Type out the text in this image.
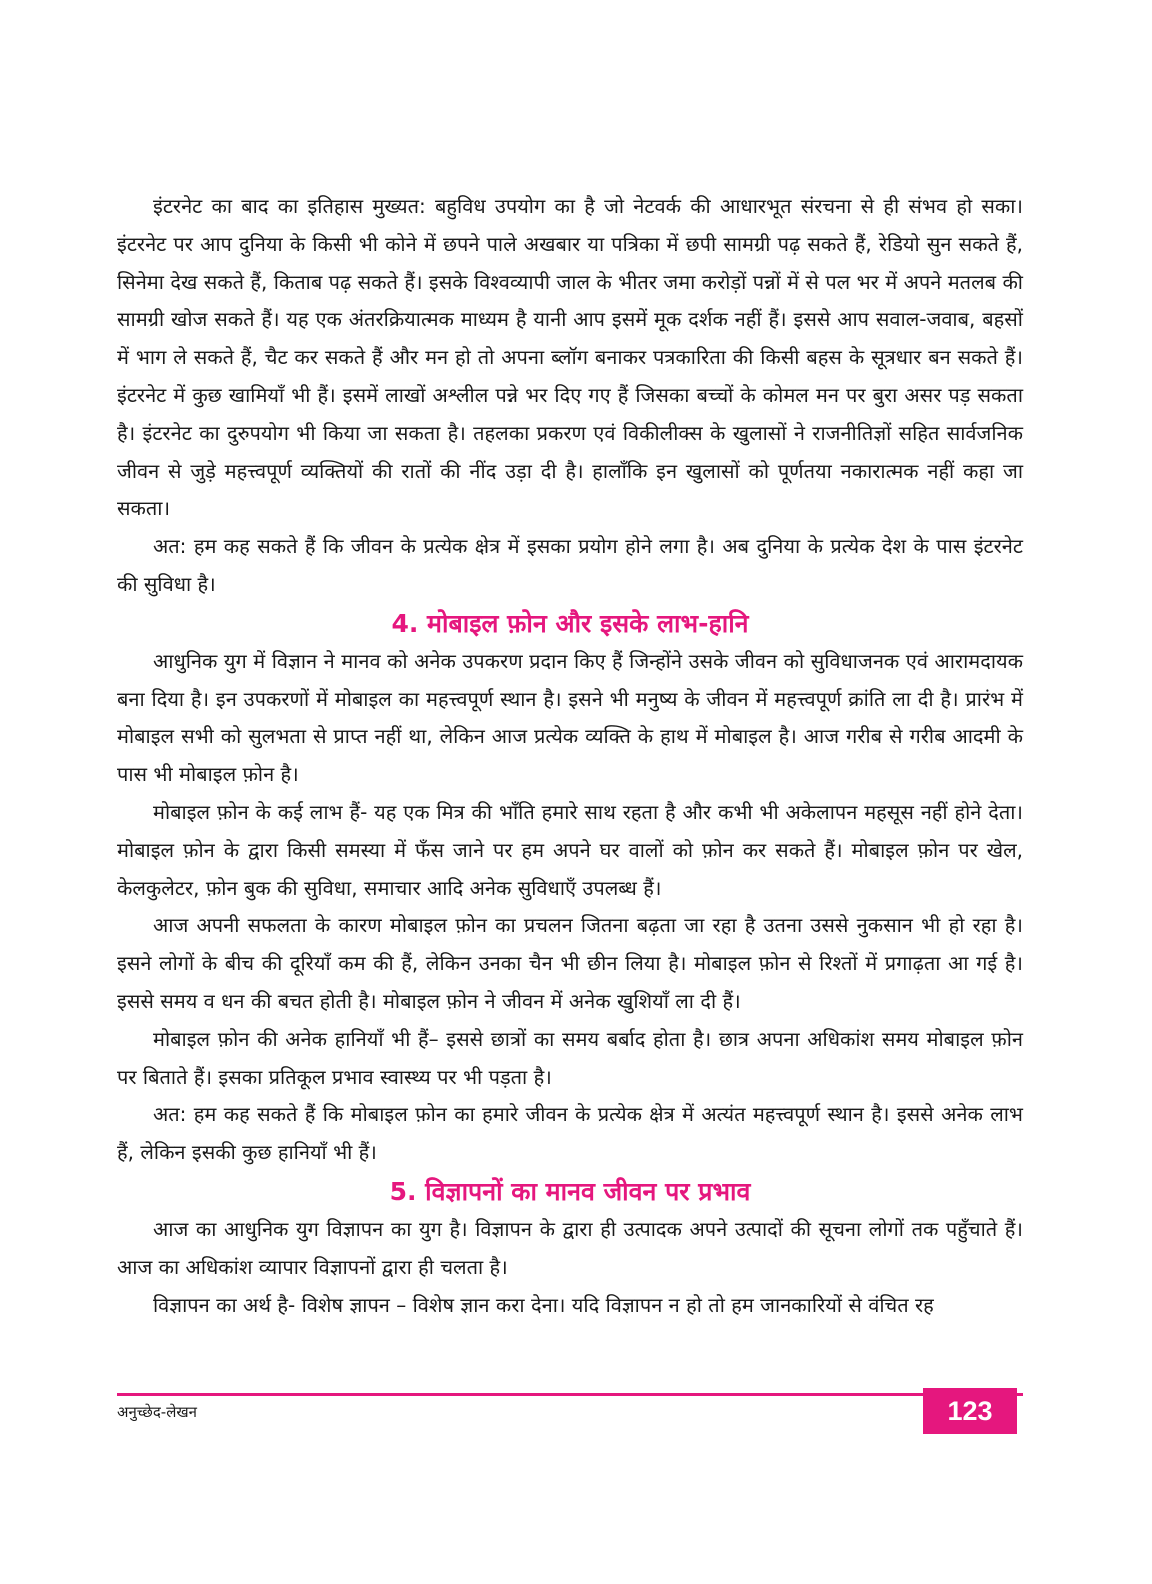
इंटरनेट का बाद का इतिहास मुख्यत: बहुविध उपयोग का है जो नेटवर्क की आधारभूत संरचना से ही संभव हो सका। इंटरनेट पर आप दुनिया के किसी भी कोने में छपने पाले अखबार या पत्रिका में छपी सामग्री पढ़ सकते हैं, रेडियो सुन सकते हैं, सिनेमा देख सकते हैं, किताब पढ़ सकते हैं। इसके विश्वव्यापी जाल के भीतर जमा करोड़ों पन्नों में से पल भर में अपने मतलब की सामग्री खोज सकते हैं। यह एक अंतरक्रियात्मक माध्यम है यानी आप इसमें मूक दर्शक नहीं हैं। इससे आप सवाल-जवाब, बहसों में भाग ले सकते हैं, चैट कर सकते हैं और मन हो तो अपना ब्लॉग बनाकर पत्रकारिता की किसी बहस के सूत्रधार बन सकते हैं। इंटरनेट में कुछ खामियाँ भी हैं। इसमें लाखों अश्लील पन्ने भर दिए गए हैं जिसका बच्चों के कोमल मन पर बुरा असर पड़ सकता है। इंटरनेट का दुरुपयोग भी किया जा सकता है। तहलका प्रकरण एवं विकीलीक्स के खुलासों ने राजनीतिज्ञों सहित सार्वजनिक जीवन से जुड़े महत्त्वपूर्ण व्यक्तियों की रातों की नींद उड़ा दी है। हालाँकि इन खुलासों को पूर्णतया नकारात्मक नहीं कहा जा सकता।

अत: हम कह सकते हैं कि जीवन के प्रत्येक क्षेत्र में इसका प्रयोग होने लगा है। अब दुनिया के प्रत्येक देश के पास इंटरनेट की सुविधा है।

4. मोबाइल फ़ोन और इसके लाभ-हानि

आधुनिक युग में विज्ञान ने मानव को अनेक उपकरण प्रदान किए हैं जिन्होंने उसके जीवन को सुविधाजनक एवं आरामदायक बना दिया है। इन उपकरणों में मोबाइल का महत्त्वपूर्ण स्थान है। इसने भी मनुष्य के जीवन में महत्त्वपूर्ण क्रांति ला दी है। प्रारंभ में मोबाइल सभी को सुलभता से प्राप्त नहीं था, लेकिन आज प्रत्येक व्यक्ति के हाथ में मोबाइल है। आज गरीब से गरीब आदमी के पास भी मोबाइल फ़ोन है।

मोबाइल फ़ोन के कई लाभ हैं- यह एक मित्र की भाँति हमारे साथ रहता है और कभी भी अकेलापन महसूस नहीं होने देता। मोबाइल फ़ोन के द्वारा किसी समस्या में फँस जाने पर हम अपने घर वालों को फ़ोन कर सकते हैं। मोबाइल फ़ोन पर खेल, केलकुलेटर, फ़ोन बुक की सुविधा, समाचार आदि अनेक सुविधाएँ उपलब्ध हैं।

आज अपनी सफलता के कारण मोबाइल फ़ोन का प्रचलन जितना बढ़ता जा रहा है उतना उससे नुकसान भी हो रहा है। इसने लोगों के बीच की दूरियाँ कम की हैं, लेकिन उनका चैन भी छीन लिया है। मोबाइल फ़ोन से रिश्तों में प्रगाढ़ता आ गई है। इससे समय व धन की बचत होती है। मोबाइल फ़ोन ने जीवन में अनेक खुशियाँ ला दी हैं।

मोबाइल फ़ोन की अनेक हानियाँ भी हैं– इससे छात्रों का समय बर्बाद होता है। छात्र अपना अधिकांश समय मोबाइल फ़ोन पर बिताते हैं। इसका प्रतिकूल प्रभाव स्वास्थ्य पर भी पड़ता है।

अत: हम कह सकते हैं कि मोबाइल फ़ोन का हमारे जीवन के प्रत्येक क्षेत्र में अत्यंत महत्त्वपूर्ण स्थान है। इससे अनेक लाभ हैं, लेकिन इसकी कुछ हानियाँ भी हैं।

5. विज्ञापनों का मानव जीवन पर प्रभाव

आज का आधुनिक युग विज्ञापन का युग है। विज्ञापन के द्वारा ही उत्पादक अपने उत्पादों की सूचना लोगों तक पहुँचाते हैं। आज का अधिकांश व्यापार विज्ञापनों द्वारा ही चलता है।

विज्ञापन का अर्थ है- विशेष ज्ञापन – विशेष ज्ञान करा देना। यदि विज्ञापन न हो तो हम जानकारियों से वंचित रह

अनुच्छेद-लेखन	123
